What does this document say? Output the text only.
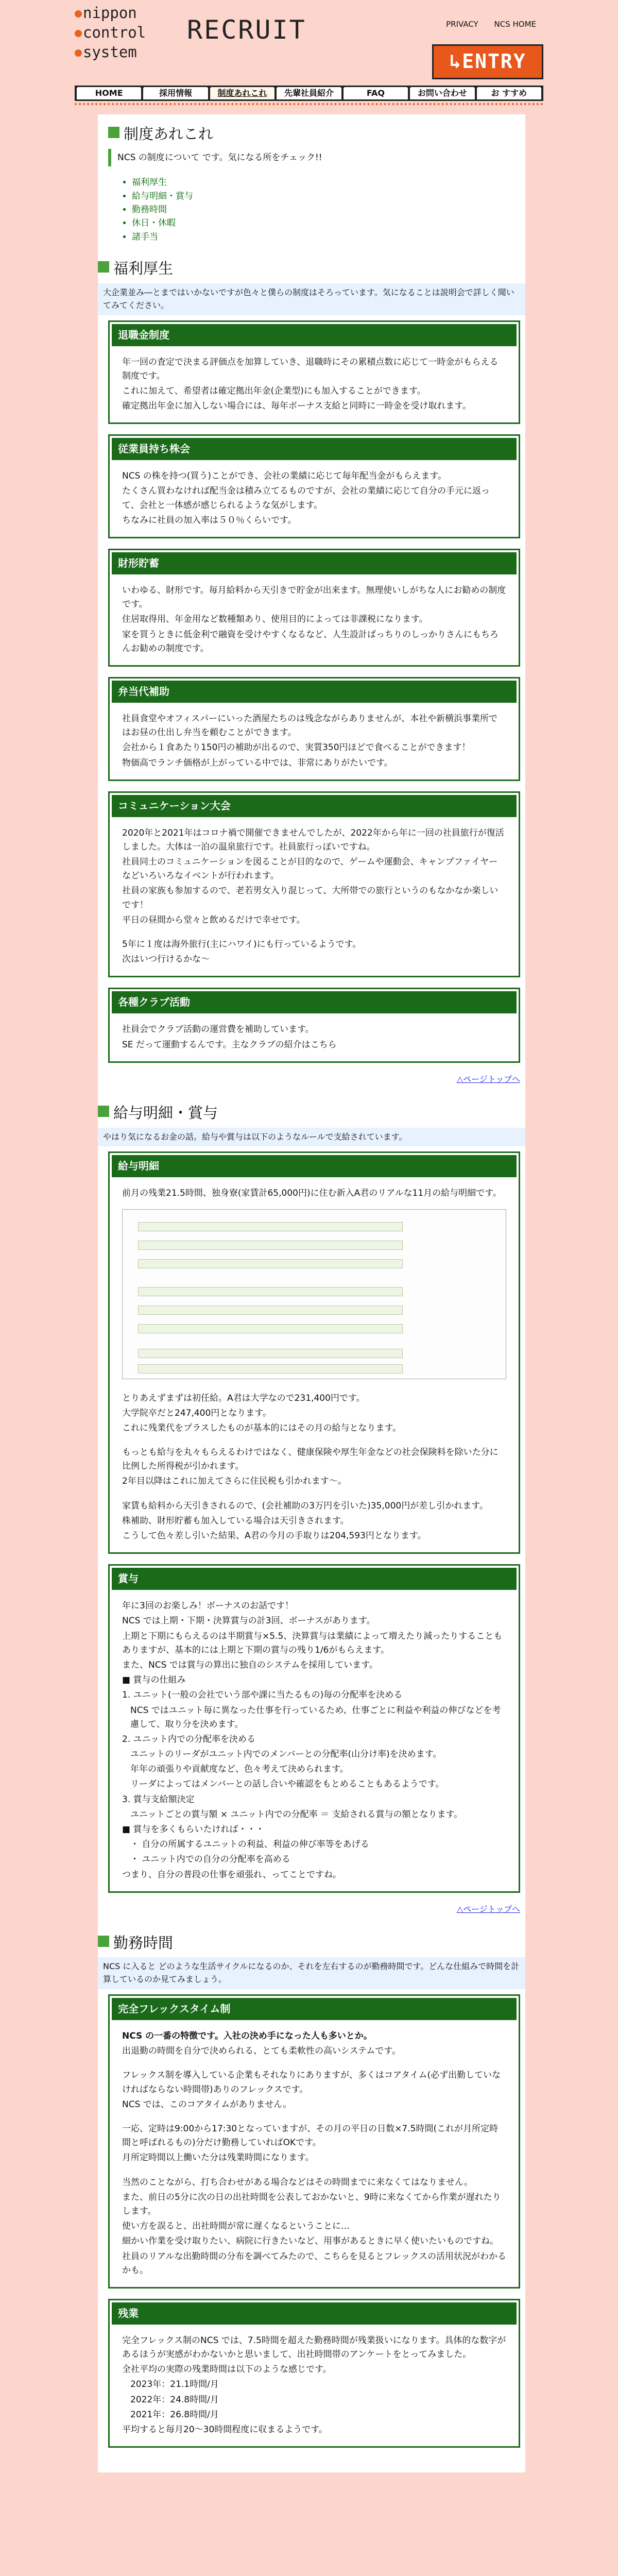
nippon
control
system
RECRUIT	PRIVACY NCS HOME
↳ENTRY
HOME	採用情報	制度あれこれ	先輩社員紹介	FAQ	お問い合わせ	お すすめ
制度あれこれ
NCS の制度について です。気になる所をチェック!!
• 福利厚生
• 給与明細・賞与
• 勤務時間
• 休日・休暇
• 諸手当
福利厚生
大企業並み―とまではいかないですが色々と僕らの制度はそろっています。気になることは説明会で詳しく聞いてみてください。
退職金制度

年一回の査定で決まる評価点を加算していき、退職時にその累積点数に応じて一時金がもらえる制度です。

これに加えて、希望者は確定拠出年金(企業型)にも加入することができます。

確定拠出年金に加入しない場合には、毎年ボーナス支給と同時に一時金を受け取れます。

従業員持ち株会

NCS の株を持つ(買う)ことができ、会社の業績に応じて毎年配当金がもらえます。

たくさん買わなければ配当金は積み立てるものですが、会社の業績に応じて自分の手元に返って、会社と一体感が感じられるような気がします。

ちなみに社員の加入率は５０％くらいです。

財形貯蓄

いわゆる、財形です。毎月給料から天引きで貯金が出来ます。無理使いしがちな人にお勧めの制度です。

住居取得用、年金用など数種類あり、使用目的によっては非課税になります。

家を買うときに低金利で融資を受けやすくなるなど、人生設計ばっちりのしっかりさんにもちろんお勧めの制度です。

弁当代補助

社員食堂やオフィスパーにいった酒屋たちのは残念ながらありませんが、本社や新横浜事業所ではお昼の仕出し弁当を頼むことができます。

会社から１食あたり150円の補助が出るので、実質350円ほどで食べることができます！

物価高でランチ価格が上がっている中では、非常にありがたいです。

コミュニケーション大会

2020年と2021年はコロナ禍で開催できませんでしたが、2022年から年に一回の社員旅行が復活しました。大体は一泊の温泉旅行です。社員旅行っぽいですね。

社員同士のコミュニケーションを図ることが目的なので、ゲームや運動会、キャンプファイヤーなどいろいろなイベントが行われます。

社員の家族も参加するので、老若男女入り混じって、大所帯での旅行というのもなかなか楽しいです！

平日の昼間から堂々と飲めるだけで幸せです。

5年に１度は海外旅行(主にハワイ)にも行っているようです。

次はいつ行けるかな～

各種クラブ活動

社員会でクラブ活動の運営費を補助しています。

SE だって運動するんです。主なクラブの紹介はこちら

△ページトップへ
給与明細・賞与
やはり気になるお金の話。給与や賞与は以下のようなルールで支給されています。
給与明細

前月の残業21.5時間、独身寮(家賃計65,000円)に住む新入A君のリアルな11月の給与明細です。

とりあえずまずは初任給。A君は大学なので231,400円です。

大学院卒だと247,400円となります。

これに残業代をプラスしたものが基本的にはその月の給与となります。

もっとも給与を丸々もらえるわけではなく、健康保険や厚生年金などの社会保険料を除いた分に比例した所得税が引かれます。

2年目以降はこれに加えてさらに住民税も引かれます～。

家賃も給料から天引きされるので、(会社補助の3万円を引いた)35,000円が差し引かれます。

株補助、財形貯蓄も加入している場合は天引きされます。

こうして色々差し引いた結果、A君の今月の手取りは204,593円となります。

賞与

年に3回のお楽しみ！ボーナスのお話です！

NCS では上期・下期・決算賞与の計3回、ボーナスがあります。

上期と下期にもらえるのは半期賞与×5.5、決算賞与は業績によって増えたり減ったりすることもありますが、基本的には上期と下期の賞与の残り1/6がもらえます。

また、NCS では賞与の算出に独自のシステムを採用しています。

■ 賞与の仕組み

1. ユニット(一般の会社でいう部や課に当たるもの)毎の分配率を決める

NCS ではユニット毎に異なった仕事を行っているため、仕事ごとに利益や利益の伸びなどを考慮して、取り分を決めます。

2. ユニット内での分配率を決める

ユニットのリーダがユニット内でのメンバーとの分配率(山分け率)を決めます。

年年の頑張りや貢献度など、色々考えて決められます。

リーダによってはメンバーとの話し合いや確認をもとめることもあるようです。

3. 賞与支給額決定

ユニットごとの賞与額 × ユニット内での分配率 ＝ 支給される賞与の額となります。

■ 賞与を多くもらいたければ・・・

・ 自分の所属するユニットの利益、利益の伸び率等をあげる

・ ユニット内での自分の分配率を高める

つまり、自分の普段の仕事を頑張れ、ってことですね。

△ページトップへ
勤務時間
NCS に入ると どのような生活サイクルになるのか、それを左右するのが勤務時間です。どんな仕組みで時間を計算しているのか見てみましょう。
完全フレックスタイム制

NCS の一番の特徴です。入社の決め手になった人も多いとか。

出退勤の時間を自分で決められる、とても柔軟性の高いシステムです。

フレックス制を導入している企業もそれなりにありますが、多くはコアタイム(必ず出勤していなければならない時間帯)ありのフレックスです。

NCS では、このコアタイムがありません。

一応、定時は9:00から17:30となっていますが、その月の平日の日数×7.5時間(これが月所定時間と呼ばれるもの)分だけ勤務していればOKです。

月所定時間以上働いた分は残業時間になります。

当然のことながら、打ち合わせがある場合などはその時間までに来なくてはなりません。

また、前日の5分に次の日の出社時間を公表しておかないと、9時に来なくてから作業が遅れたりします。

使い方を誤ると、出社時間が常に遅くなるということに…

細かい作業を受け取りたい、病院に行きたいなど、用事があるときに早く使いたいものですね。

社員のリアルな出勤時間の分布を調べてみたので、こちらを見るとフレックスの活用状況がわかるかも。

残業

完全フレックス制のNCS では、7.5時間を超えた勤務時間が残業扱いになります。具体的な数字があるほうが実感がわかないかと思いまして、出社時間帯のアンケートをとってみました。

全社平均の実際の残業時間は以下のような感じです。

2023年：21.1時間/月

2022年：24.8時間/月

2021年：26.8時間/月

平均すると毎月20～30時間程度に収まるようです。
